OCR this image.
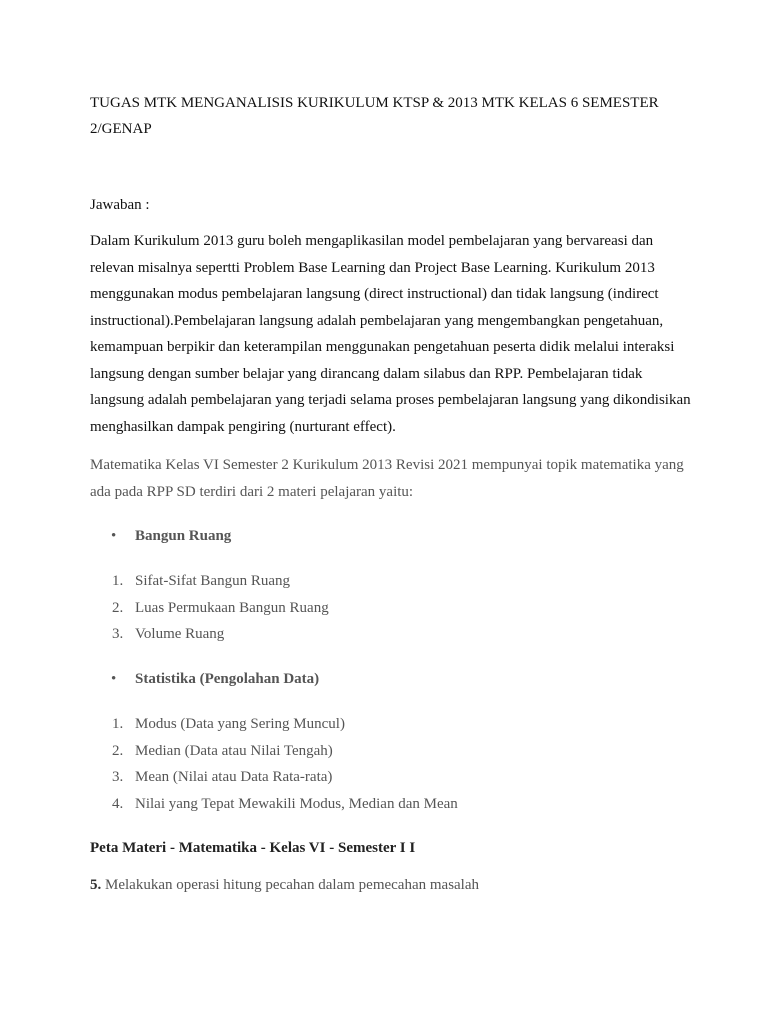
TUGAS MTK MENGANALISIS KURIKULUM KTSP & 2013 MTK KELAS 6 SEMESTER 2/GENAP

Jawaban :

Dalam Kurikulum 2013 guru boleh mengaplikasilan model pembelajaran yang bervareasi dan relevan misalnya sepertti Problem Base Learning dan Project Base Learning. Kurikulum 2013 menggunakan modus pembelajaran langsung (direct instructional) dan tidak langsung (indirect instructional).Pembelajaran langsung adalah pembelajaran yang mengembangkan pengetahuan, kemampuan berpikir dan keterampilan menggunakan pengetahuan peserta didik melalui interaksi langsung dengan sumber belajar yang dirancang dalam silabus dan RPP. Pembelajaran tidak langsung adalah pembelajaran yang terjadi selama proses pembelajaran langsung yang dikondisikan menghasilkan dampak pengiring (nurturant effect).

Matematika Kelas VI Semester 2 Kurikulum 2013 Revisi 2021 mempunyai topik matematika yang ada pada RPP SD terdiri dari 2 materi pelajaran yaitu:

• Bangun Ruang
1. Sifat-Sifat Bangun Ruang
2. Luas Permukaan Bangun Ruang
3. Volume Ruang
• Statistika (Pengolahan Data)
1. Modus (Data yang Sering Muncul)
2. Median (Data atau Nilai Tengah)
3. Mean (Nilai atau Data Rata-rata)
4. Nilai yang Tepat Mewakili Modus, Median dan Mean

Peta Materi - Matematika - Kelas VI - Semester I I

5. Melakukan operasi hitung pecahan dalam pemecahan masalah
